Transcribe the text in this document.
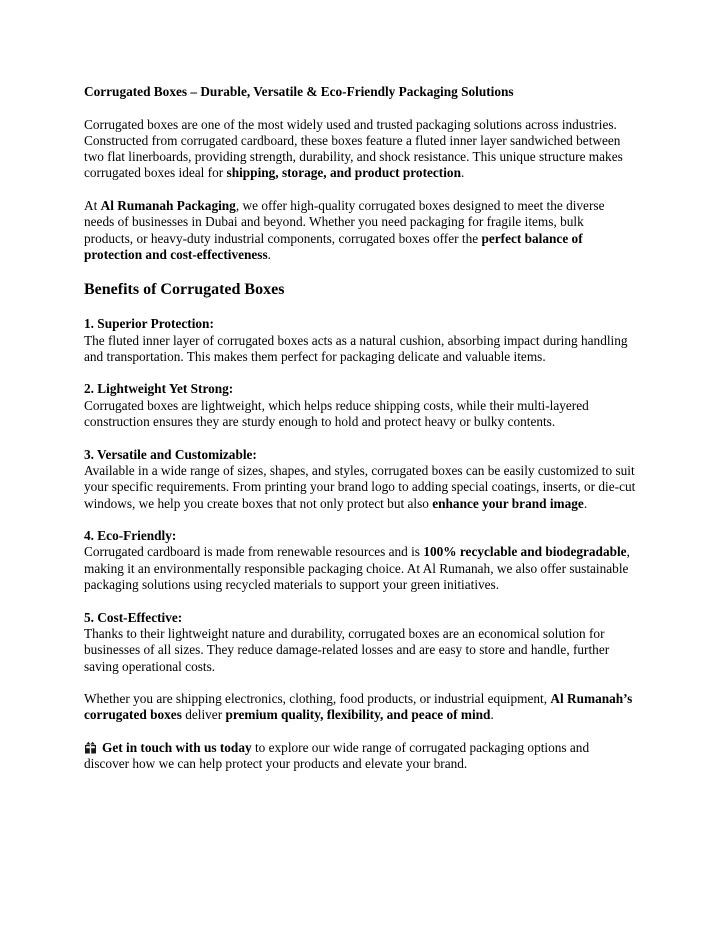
Corrugated Boxes – Durable, Versatile & Eco-Friendly Packaging Solutions

Corrugated boxes are one of the most widely used and trusted packaging solutions across industries. Constructed from corrugated cardboard, these boxes feature a fluted inner layer sandwiched between two flat linerboards, providing strength, durability, and shock resistance. This unique structure makes corrugated boxes ideal for shipping, storage, and product protection.

At Al Rumanah Packaging, we offer high-quality corrugated boxes designed to meet the diverse needs of businesses in Dubai and beyond. Whether you need packaging for fragile items, bulk products, or heavy-duty industrial components, corrugated boxes offer the perfect balance of protection and cost-effectiveness.

Benefits of Corrugated Boxes

1. Superior Protection:
The fluted inner layer of corrugated boxes acts as a natural cushion, absorbing impact during handling and transportation. This makes them perfect for packaging delicate and valuable items.

2. Lightweight Yet Strong:
Corrugated boxes are lightweight, which helps reduce shipping costs, while their multi-layered construction ensures they are sturdy enough to hold and protect heavy or bulky contents.

3. Versatile and Customizable:
Available in a wide range of sizes, shapes, and styles, corrugated boxes can be easily customized to suit your specific requirements. From printing your brand logo to adding special coatings, inserts, or die-cut windows, we help you create boxes that not only protect but also enhance your brand image.

4. Eco-Friendly:
Corrugated cardboard is made from renewable resources and is 100% recyclable and biodegradable, making it an environmentally responsible packaging choice. At Al Rumanah, we also offer sustainable packaging solutions using recycled materials to support your green initiatives.

5. Cost-Effective:
Thanks to their lightweight nature and durability, corrugated boxes are an economical solution for businesses of all sizes. They reduce damage-related losses and are easy to store and handle, further saving operational costs.

Whether you are shipping electronics, clothing, food products, or industrial equipment, Al Rumanah’s corrugated boxes deliver premium quality, flexibility, and peace of mind.

Get in touch with us today to explore our wide range of corrugated packaging options and discover how we can help protect your products and elevate your brand.
